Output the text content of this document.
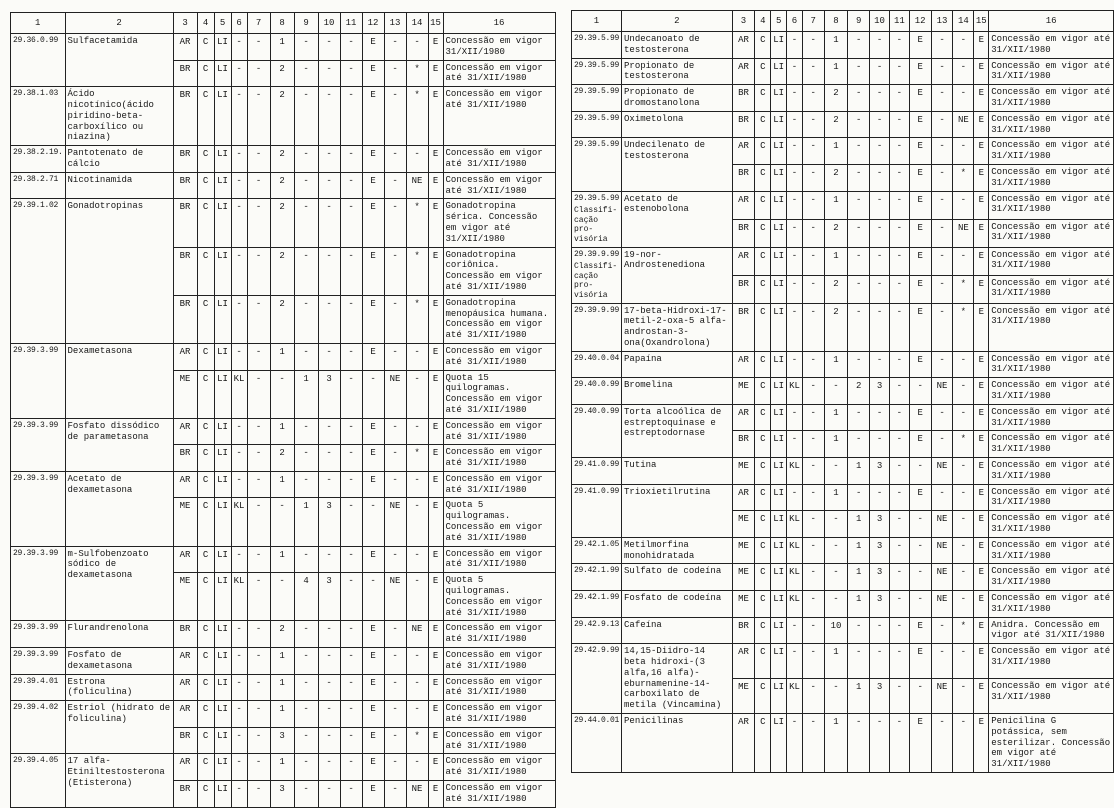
1	2	3	4	5	6	7	8	9	10	11	12	13	14	15	16

29.36.0.99	Sulfacetamida	AR	C	LI	-	-	1	-	-	-	E	-	-	E	Concessão em vigor 31/XII/1980
		BR	C	LI	-	-	2	-	-	-	E	-	*	E	Concessão em vigor até 31/XII/1980

29.38.1.03	Ácido nicotínico(ácido piridino-beta-carboxílico ou niazina)	BR	C	LI	-	-	2	-	-	-	E	-	*	E	Concessão em vigor até 31/XII/1980

29.38.2.19.	Pantotenato de cálcio	BR	C	LI	-	-	2	-	-	-	E	-	-	E	Concessão em vigor até 31/XII/1980

29.38.2.71	Nicotinamida	BR	C	LI	-	-	2	-	-	-	E	-	NE	E	Concessão em vigor até 31/XII/1980

29.39.1.02	Gonadotropinas	BR	C	LI	-	-	2	-	-	-	E	-	*	E	Gonadotropina sérica. Concessão em vigor até 31/XII/1980
		BR	C	LI	-	-	2	-	-	-	E	-	*	E	Gonadotropina coriônica. Concessão em vigor até 31/XII/1980
		BR	C	LI	-	-	2	-	-	-	E	-	*	E	Gonadotropina menopáusica humana. Concessão em vigor até 31/XII/1980

29.39.3.99	Dexametasona	AR	C	LI	-	-	1	-	-	-	E	-	-	E	Concessão em vigor até 31/XII/1980
		ME	C	LI	KL	-	-	1	3	-	-	NE	-	E	Quota 15 quilogramas. Concessão em vigor até 31/XII/1980

29.39.3.99	Fosfato dissódico de parametasona	AR	C	LI	-	-	1	-	-	-	E	-	-	E	Concessão em vigor até 31/XII/1980
		BR	C	LI	-	-	2	-	-	-	E	-	*	E	Concessão em vigor até 31/XII/1980

29.39.3.99	Acetato de dexametasona	AR	C	LI	-	-	1	-	-	-	E	-	-	E	Concessão em vigor até 31/XII/1980
		ME	C	LI	KL	-	-	1	3	-	-	NE	-	E	Quota 5 quilogramas. Concessão em vigor até 31/XII/1980

29.39.3.99	m-Sulfobenzoato sódico de dexametasona	AR	C	LI	-	-	1	-	-	-	E	-	-	E	Concessão em vigor até 31/XII/1980
		ME	C	LI	KL	-	-	4	3	-	-	NE	-	E	Quota 5 quilogramas. Concessão em vigor até 31/XII/1980

29.39.3.99	Flurandrenolona	BR	C	LI	-	-	2	-	-	-	E	-	NE	E	Concessão em vigor até 31/XII/1980

29.39.3.99	Fosfato de dexametasona	AR	C	LI	-	-	1	-	-	-	E	-	-	E	Concessão em vigor até 31/XII/1980

29.39.4.01	Estrona (foliculina)	AR	C	LI	-	-	1	-	-	-	E	-	-	E	Concessão em vigor até 31/XII/1980

29.39.4.02	Estriol (hidrato de foliculina)	AR	C	LI	-	-	1	-	-	-	E	-	-	E	Concessão em vigor até 31/XII/1980
		BR	C	LI	-	-	3	-	-	-	E	-	*	E	Concessão em vigor até 31/XII/1980

29.39.4.05	17 alfa-Etiniltestosterona (Etisterona)	AR	C	LI	-	-	1	-	-	-	E	-	-	E	Concessão em vigor até 31/XII/1980
		BR	C	LI	-	-	3	-	-	-	E	-	NE	E	Concessão em vigor até 31/XII/1980
1	2	3	4	5	6	7	8	9	10	11	12	13	14	15	16

29.39.5.99	Undecanoato de testosterona	AR	C	LI	-	-	1	-	-	-	E	-	-	E	Concessão em vigor até 31/XII/1980

29.39.5.99	Propionato de testosterona	AR	C	LI	-	-	1	-	-	-	E	-	-	E	Concessão em vigor até 31/XII/1980

29.39.5.99	Propionato de dromostanolona	BR	C	LI	-	-	2	-	-	-	E	-	-	E	Concessão em vigor até 31/XII/1980

29.39.5.99	Oximetolona	BR	C	LI	-	-	2	-	-	-	E	-	NE	E	Concessão em vigor até 31/XII/1980

29.39.5.99	Undecilenato de testosterona	AR	C	LI	-	-	1	-	-	-	E	-	-	E	Concessão em vigor até 31/XII/1980
		BR	C	LI	-	-	2	-	-	-	E	-	*	E	Concessão em vigor até 31/XII/1980

29.39.5.99
Classifi-cação pro-visória	Acetato de estenobolona	AR	C	LI	-	-	1	-	-	-	E	-	-	E	Concessão em vigor até 31/XII/1980
		BR	C	LI	-	-	2	-	-	-	E	-	NE	E	Concessão em vigor até 31/XII/1980

29.39.9.99
Classifi-cação pro-visória	19-nor-Androstenediona	AR	C	LI	-	-	1	-	-	-	E	-	-	E	Concessão em vigor até 31/XII/1980
		BR	C	LI	-	-	2	-	-	-	E	-	*	E	Concessão em vigor até 31/XII/1980

29.39.9.99	17-beta-Hidroxi-17-metil-2-oxa-5 alfa-androstan-3-ona(Oxandrolona)	BR	C	LI	-	-	2	-	-	-	E	-	*	E	Concessão em vigor até 31/XII/1980

29.40.0.04	Papaína	AR	C	LI	-	-	1	-	-	-	E	-	-	E	Concessão em vigor até 31/XII/1980

29.40.0.99	Bromelina	ME	C	LI	KL	-	-	2	3	-	-	NE	-	E	Concessão em vigor até 31/XII/1980

29.40.0.99	Torta alcoólica de estreptoquinase e estreptodornase	AR	C	LI	-	-	1	-	-	-	E	-	-	E	Concessão em vigor até 31/XII/1980
		BR	C	LI	-	-	1	-	-	-	E	-	*	E	Concessão em vigor até 31/XII/1980

29.41.0.99	Tutina	ME	C	LI	KL	-	-	1	3	-	-	NE	-	E	Concessão em vigor até 31/XII/1980

29.41.0.99	Trioxietilrutina	AR	C	LI	-	-	1	-	-	-	E	-	-	E	Concessão em vigor até 31/XII/1980
		ME	C	LI	KL	-	-	1	3	-	-	NE	-	E	Concessão em vigor até 31/XII/1980

29.42.1.05	Metilmorfina monohidratada	ME	C	LI	KL	-	-	1	3	-	-	NE	-	E	Concessão em vigor até 31/XII/1980

29.42.1.99	Sulfato de codeína	ME	C	LI	KL	-	-	1	3	-	-	NE	-	E	Concessão em vigor até 31/XII/1980

29.42.1.99	Fosfato de codeína	ME	C	LI	KL	-	-	1	3	-	-	NE	-	E	Concessão em vigor até 31/XII/1980

29.42.9.13	Cafeína	BR	C	LI	-	-	10	-	-	-	E	-	*	E	Anidra. Concessão em vigor até 31/XII/1980

29.42.9.99	14,15-Diidro-14 beta hidroxi-(3 alfa,16 alfa)-eburnamenine-14-carboxilato de metila (Vincamina)	AR	C	LI	-	-	1	-	-	-	E	-	-	E	Concessão em vigor até 31/XII/1980
		ME	C	LI	KL	-	-	1	3	-	-	NE	-	E	Concessão em vigor até 31/XII/1980

29.44.0.01	Penicilinas	AR	C	LI	-	-	1	-	-	-	E	-	-	E	Penicilina G potássica, sem esterilizar. Concessão em vigor até 31/XII/1980
